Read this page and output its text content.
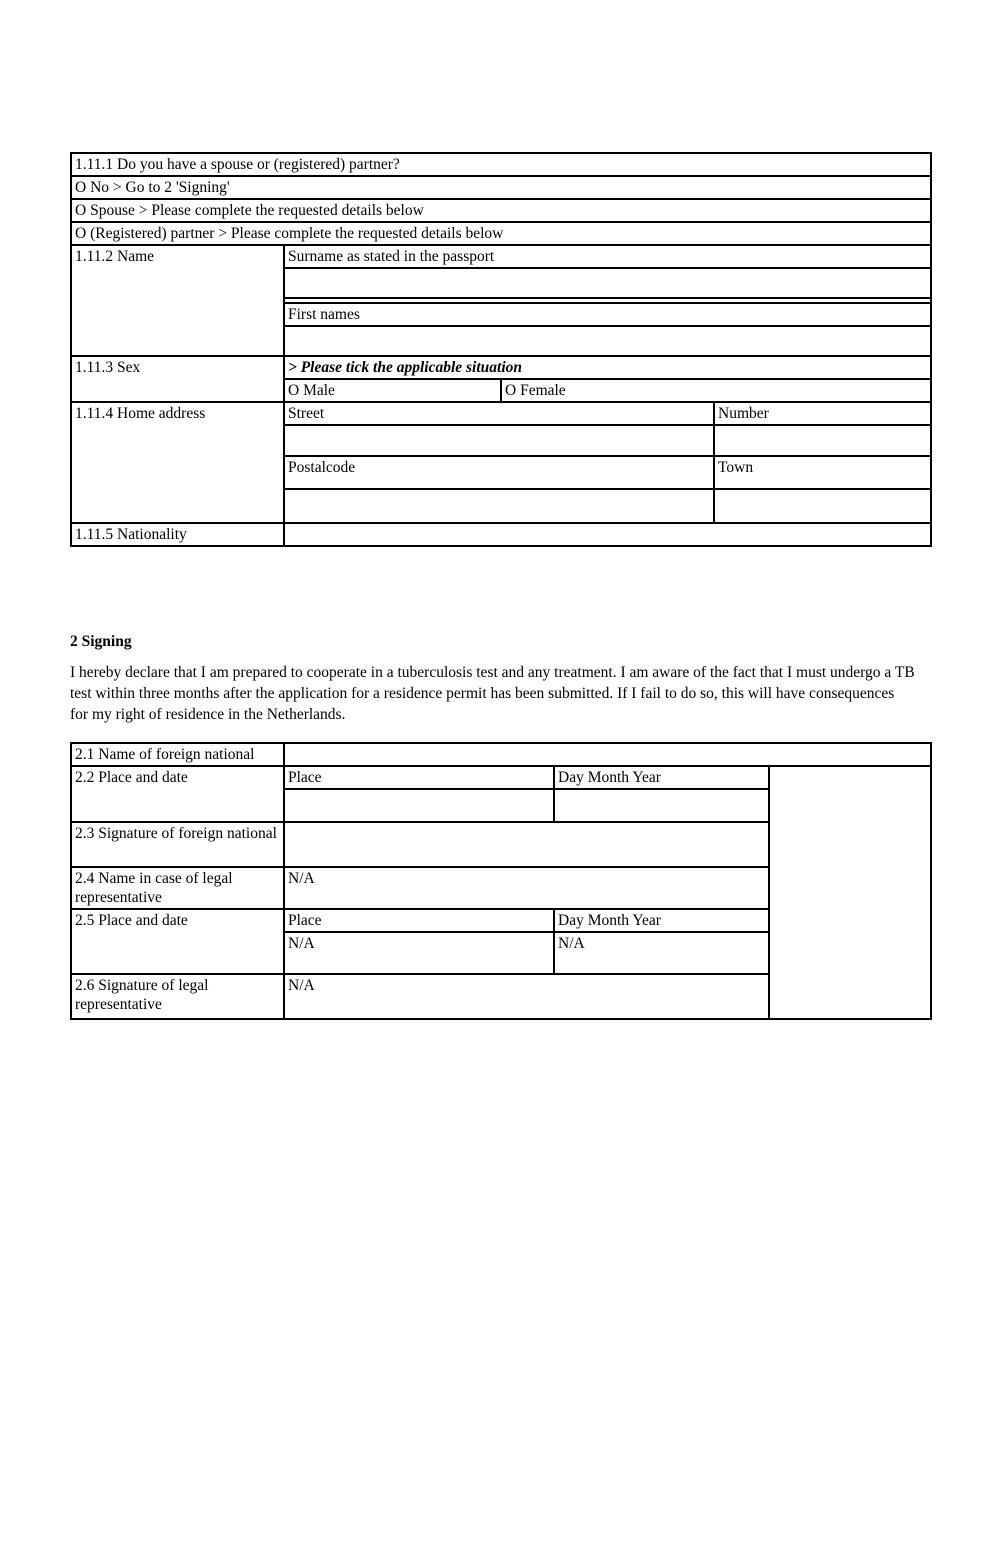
1.11.1 Do you have a spouse or (registered) partner?			
O No > Go to 2 'Signing'			
O Spouse > Please complete the requested details below			
O (Registered) partner > Please complete the requested details below			
1.11.2 Name	Surname as stated in the passport		

	First names		

1.11.3 Sex	> Please tick the applicable situation		
	O Male	O Female	
1.11.4 Home address	Street		Number

	Postalcode		Town

1.11.5 Nationality			
2 Signing

I hereby declare that I am prepared to cooperate in a tuberculosis test and any treatment. I am aware of the fact that I must undergo a TB test within three months after the application for a residence permit has been submitted. If I fail to do so, this will have consequences for my right of residence in the Netherlands.

2.1 Name of foreign national			
2.2 Place and date	Place	Day Month Year	

2.3 Signature of foreign national			
2.4 Name in case of legal representative	N/A		
2.5 Place and date	Place	Day Month Year	
	N/A	N/A	
2.6 Signature of legal representative	N/A		
